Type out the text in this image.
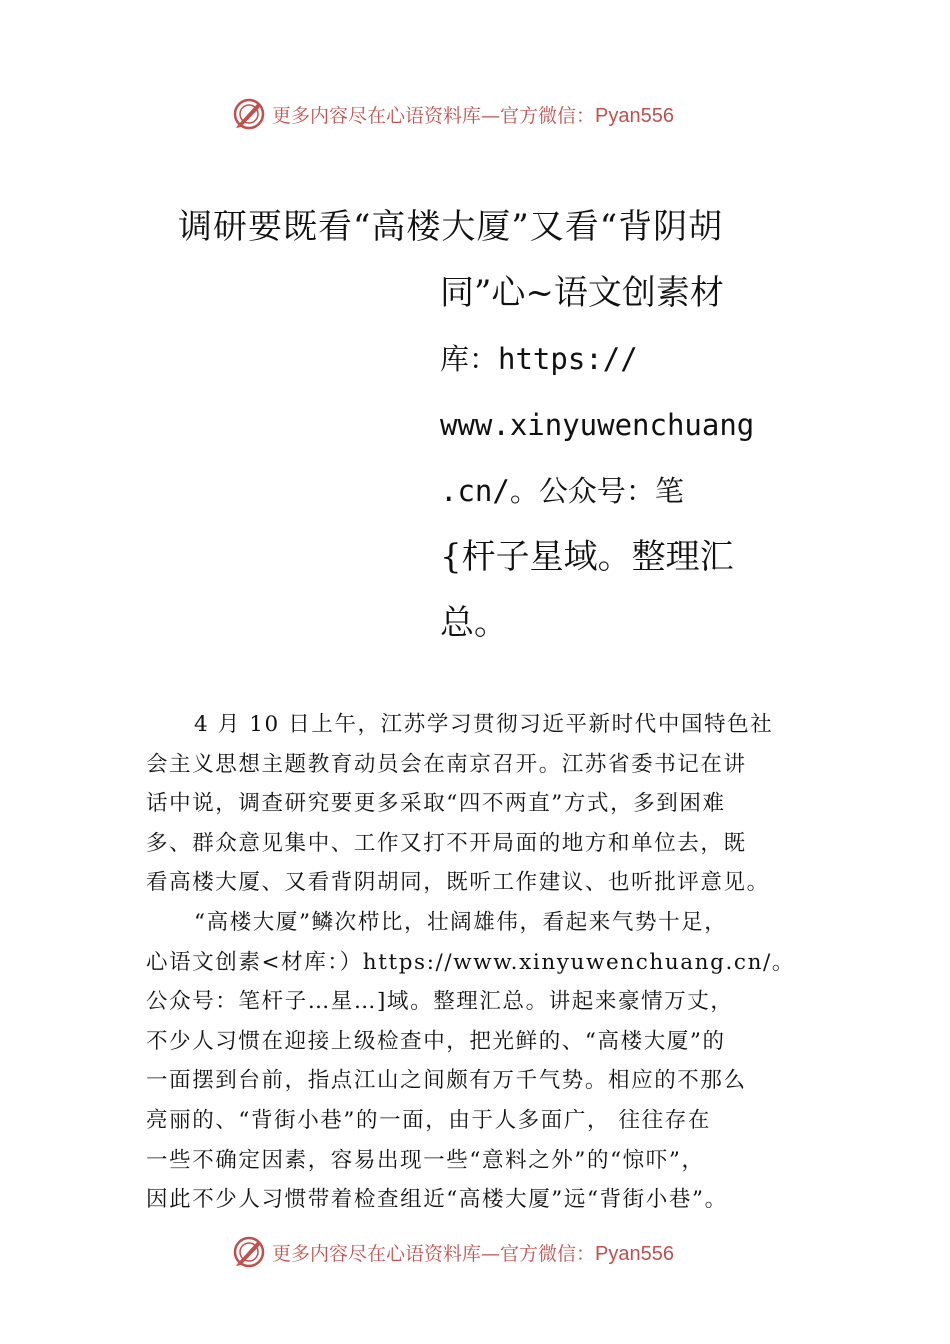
更多内容尽在心语资料库—官方微信：Pyan556
调研要既看“高楼大厦”又看“背阴胡
同”心~语文创素材
库：https://
www.xinyuwenchuang
.cn/。公众号：笔
{杆子星域。整理汇
总。
4 月 10 日上午，江苏学习贯彻习近平新时代中国特色社
会主义思想主题教育动员会在南京召开。江苏省委书记在讲
话中说，调查研究要更多采取“四不两直”方式，多到困难
多、群众意见集中、工作又打不开局面的地方和单位去，既
看高楼大厦、又看背阴胡同，既听工作建议、也听批评意见。
“高楼大厦”鳞次栉比，壮阔雄伟，看起来气势十足，
心语文创素<材库：）https://www.xinyuwenchuang.cn/。
公众号：笔杆子…星…]域。整理汇总。讲起来豪情万丈，
不少人习惯在迎接上级检查中，把光鲜的、“高楼大厦”的
一面摆到台前，指点江山之间颇有万千气势。相应的不那么
亮丽的、“背街小巷”的一面，由于人多面广， 往往存在
一些不确定因素，容易出现一些“意料之外”的“惊吓”，
因此不少人习惯带着检查组近“高楼大厦”远“背街小巷”。
更多内容尽在心语资料库—官方微信：Pyan556
